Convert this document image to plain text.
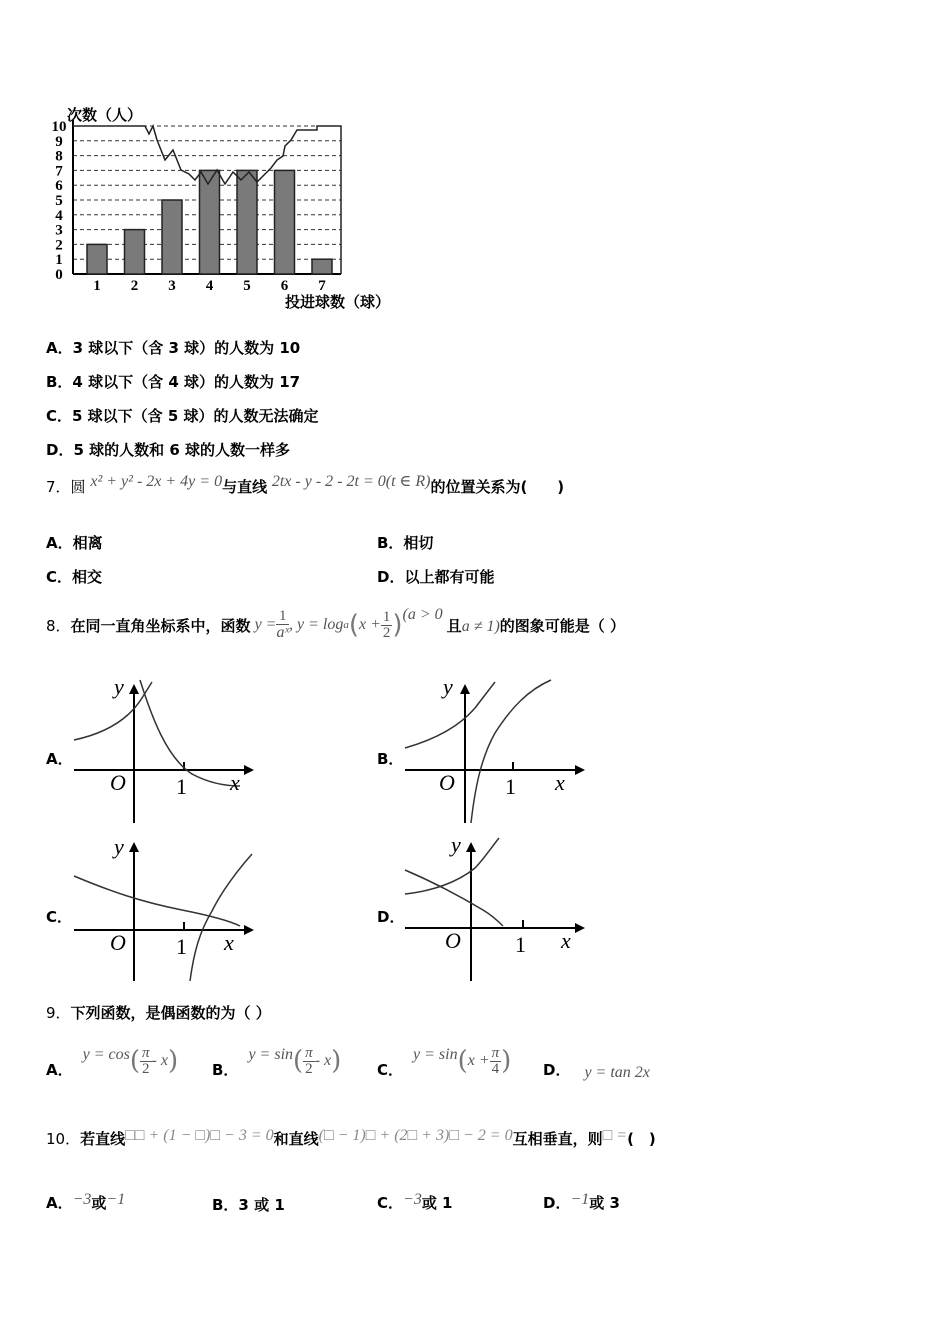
0
1
2
3
4
5
6
7
8
9
10
1 2 3 4 5 6 7
次数（人）
投进球数（球）
A．3 球以下（含 3 球）的人数为 10
B．4 球以下（含 4 球）的人数为 17
C．5 球以下（含 5 球）的人数无法确定
D．5 球的人数和 6 球的人数一样多
7．圆 x² + y² - 2x + 4y = 0与直线 2tx - y - 2 - 2t = 0(t ∈ R)的位置关系为(　　)
A．相离	B．相切
C．相交	D．以上都有可能
8． 在同一直角坐标系中，函数 $y = \frac{1}{\text{aˣ}}$ , y = log a ( $x + \frac{1}{2}$ ) (a > 0
且 a ≠ 1) 的图象可能是（ ）
A．	B．
C．	D．
y
x
O 1
y
x
O 1
y
x
O 1
y
x
O 1
9．下列函数，是偶函数的为（ ）
A．
y = cos ( $\frac{\pi}{2}$ - x ) B．
y = sin ( $\frac{\pi}{2}$ - x ) C．
y = sin ( $x + \frac{\pi}{4}$ ) D． y = tan 2x
10．若直线□□ + (1 − □)□ − 3 = 0和直线(□ − 1)□ + (2□ + 3)□ − 2 = 0互相垂直，则□ =(　)
A．−3或−1	B．3 或 1	C．−3或 1	D．−1或 3
